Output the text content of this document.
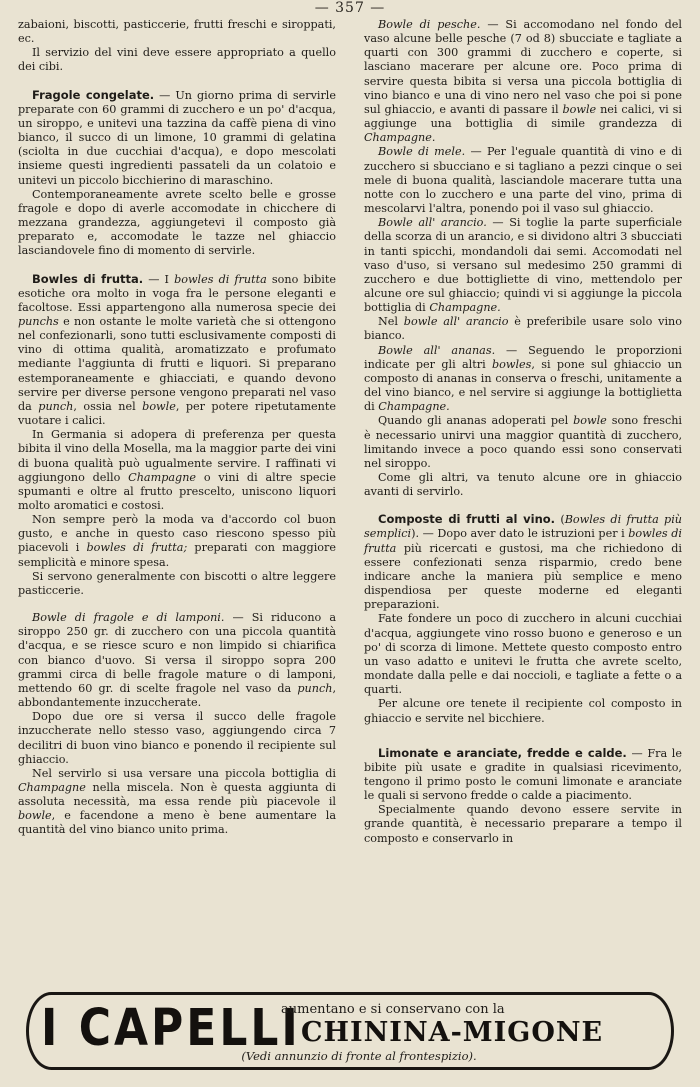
— 357 —

zabaioni, biscotti, pasticcerie, frutti freschi e siroppati, ec.

Il servizio del vini deve essere appropriato a quello dei cibi.

Fragole congelate. — Un giorno prima di servirle preparate con 60 grammi di zucchero e un po' d'acqua, un siroppo, e unitevi una tazzina da caffè piena di vino bianco, il succo di un limone, 10 grammi di gelatina (sciolta in due cucchiai d'acqua), e dopo mescolati insieme questi ingredienti passateli da un colatoio e unitevi un piccolo bicchierino di maraschino.

Contemporaneamente avrete scelto belle e grosse fragole e dopo di averle accomodate in chicchere di mezzana grandezza, aggiungetevi il composto già preparato e, accomodate le tazze nel ghiaccio lasciandovele fino di momento di servirle.

Bowles di frutta. — I bowles di frutta sono bibite esotiche ora molto in voga fra le persone eleganti e facoltose. Essi appartengono alla numerosa specie dei punchs e non ostante le molte varietà che si ottengono nel confezionarli, sono tutti esclusivamente composti di vino di ottima qualità, aromatizzato e profumato mediante l'aggiunta di frutti e liquori. Si preparano estemporaneamente e ghiacciati, e quando devono servire per diverse persone vengono preparati nel vaso da punch, ossia nel bowle, per potere ripetutamente vuotare i calici.

In Germania si adopera di preferenza per questa bibita il vino della Mosella, ma la maggior parte dei vini di buona qualità può ugualmente servire. I raffinati vi aggiungono dello Champagne o vini di altre specie spumanti e oltre al frutto prescelto, uniscono liquori molto aromatici e costosi.

Non sempre però la moda va d'accordo col buon gusto, e anche in questo caso riescono spesso più piacevoli i bowles di frutta; preparati con maggiore semplicità e minore spesa.

Si servono generalmente con biscotti o altre leggere pasticcerie.

Bowle di fragole e di lamponi. — Si riducono a siroppo 250 gr. di zucchero con una piccola quantità d'acqua, e se riesce scuro e non limpido si chiarifica con bianco d'uovo. Si versa il siroppo sopra 200 grammi circa di belle fragole mature o di lamponi, mettendo 60 gr. di scelte fragole nel vaso da punch, abbondantemente inzuccherate.

Dopo due ore si versa il succo delle fragole inzuccherate nello stesso vaso, aggiungendo circa 7 decilitri di buon vino bianco e ponendo il recipiente sul ghiaccio.

Nel servirlo si usa versare una piccola bottiglia di Champagne nella miscela. Non è questa aggiunta di assoluta necessità, ma essa rende più piacevole il bowle, e facendone a meno è bene aumentare la quantità del vino bianco unito prima.

Bowle di pesche. — Si accomodano nel fondo del vaso alcune belle pesche (7 od 8) sbucciate e tagliate a quarti con 300 grammi di zucchero e coperte, si lasciano macerare per alcune ore. Poco prima di servire questa bibita si versa una piccola bottiglia di vino bianco e una di vino nero nel vaso che poi si pone sul ghiaccio, e avanti di passare il bowle nei calici, vi si aggiunge una bottiglia di simile grandezza di Champagne.

Bowle di mele. — Per l'eguale quantità di vino e di zucchero si sbucciano e si tagliano a pezzi cinque o sei mele di buona qualità, lasciandole macerare tutta una notte con lo zucchero e una parte del vino, prima di mescolarvi l'altra, ponendo poi il vaso sul ghiaccio.

Bowle all' arancio. — Si toglie la parte superficiale della scorza di un arancio, e si dividono altri 3 sbucciati in tanti spicchi, mondandoli dai semi. Accomodati nel vaso d'uso, si versano sul medesimo 250 grammi di zucchero e due bottigliette di vino, mettendolo per alcune ore sul ghiaccio; quindi vi si aggiunge la piccola bottiglia di Champagne.

Nel bowle all' arancio è preferibile usare solo vino bianco.

Bowle all' ananas. — Seguendo le proporzioni indicate per gli altri bowles, si pone sul ghiaccio un composto di ananas in conserva o freschi, unitamente a del vino bianco, e nel servire si aggiunge la bottiglietta di Champagne.

Quando gli ananas adoperati pel bowle sono freschi è necessario unirvi una maggior quantità di zucchero, limitando invece a poco quando essi sono conservati nel siroppo.

Come gli altri, va tenuto alcune ore in ghiaccio avanti di servirlo.

Composte di frutti al vino. (Bowles di frutta più semplici). — Dopo aver dato le istruzioni per i bowles di frutta più ricercati e gustosi, ma che richiedono di essere confezionati senza risparmio, credo bene indicare anche la maniera più semplice e meno dispendiosa per queste moderne ed eleganti preparazioni.

Fate fondere un poco di zucchero in alcuni cucchiai d'acqua, aggiungete vino rosso buono e generoso e un po' di scorza di limone. Mettete questo composto entro un vaso adatto e unitevi le frutta che avrete scelto, mondate dalla pelle e dai noccioli, e tagliate a fette o a quarti.

Per alcune ore tenete il recipiente col composto in ghiaccio e servite nel bicchiere.

Limonate e aranciate, fredde e calde. — Fra le bibite più usate e gradite in qualsiasi ricevimento, tengono il primo posto le comuni limonate e aranciate le quali si servono fredde o calde a piacimento.

Specialmente quando devono essere servite in grande quantità, è necessario preparare a tempo il composto e conservarlo in

I CAPELLI
aumentano e si conservano con la
CHININA-MIGONE
(Vedi annunzio di fronte al frontespizio).
